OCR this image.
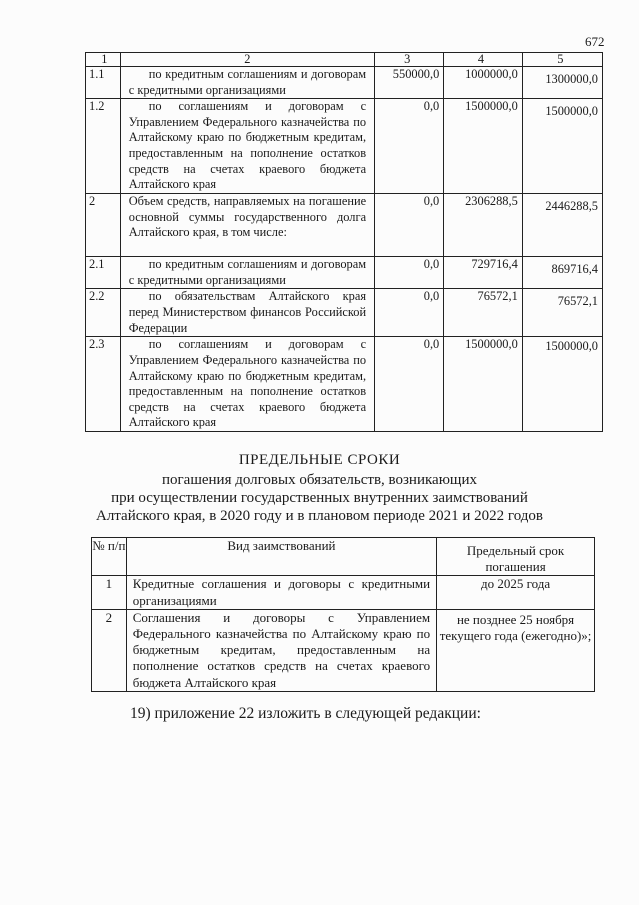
672
1	2	3	4	5
1.1	по кредитным соглашениям и договорам с кредитными организациями	550000,0	1000000,0	1300000,0
1.2	по соглашениям и договорам с Управлением Федерального казначейства по Алтайскому краю по бюджетным кредитам, предоставленным на пополнение остатков средств на счетах краевого бюджета Алтайского края	0,0	1500000,0	1500000,0
2	Объем средств, направляемых на погашение основной суммы государственного долга Алтайского края, в том числе:	0,0	2306288,5	2446288,5
2.1	по кредитным соглашениям и договорам с кредитными организациями	0,0	729716,4	869716,4
2.2	по обязательствам Алтайского края перед Министерством финансов Российской Федерации	0,0	76572,1	76572,1
2.3	по соглашениям и договорам с Управлением Федерального казначейства по Алтайскому краю по бюджетным кредитам, предоставленным на пополнение остатков средств на счетах краевого бюджета Алтайского края	0,0	1500000,0	1500000,0
ПРЕДЕЛЬНЫЕ СРОКИ
погашения долговых обязательств, возникающих
при осуществлении государственных внутренних заимствований
Алтайского края, в 2020 году и в плановом периоде 2021 и 2022 годов
№ п/п	Вид заимствований	Предельный срок погашения
1	Кредитные соглашения и договоры с кредитными организациями	до 2025 года
2	Соглашения и договоры с Управлением Федерального казначейства по Алтайскому краю по бюджетным кредитам, предоставленным на пополнение остатков средств на счетах краевого бюджета Алтайского края	не позднее 25 ноября текущего года (ежегодно)»;
19) приложение 22 изложить в следующей редакции:
